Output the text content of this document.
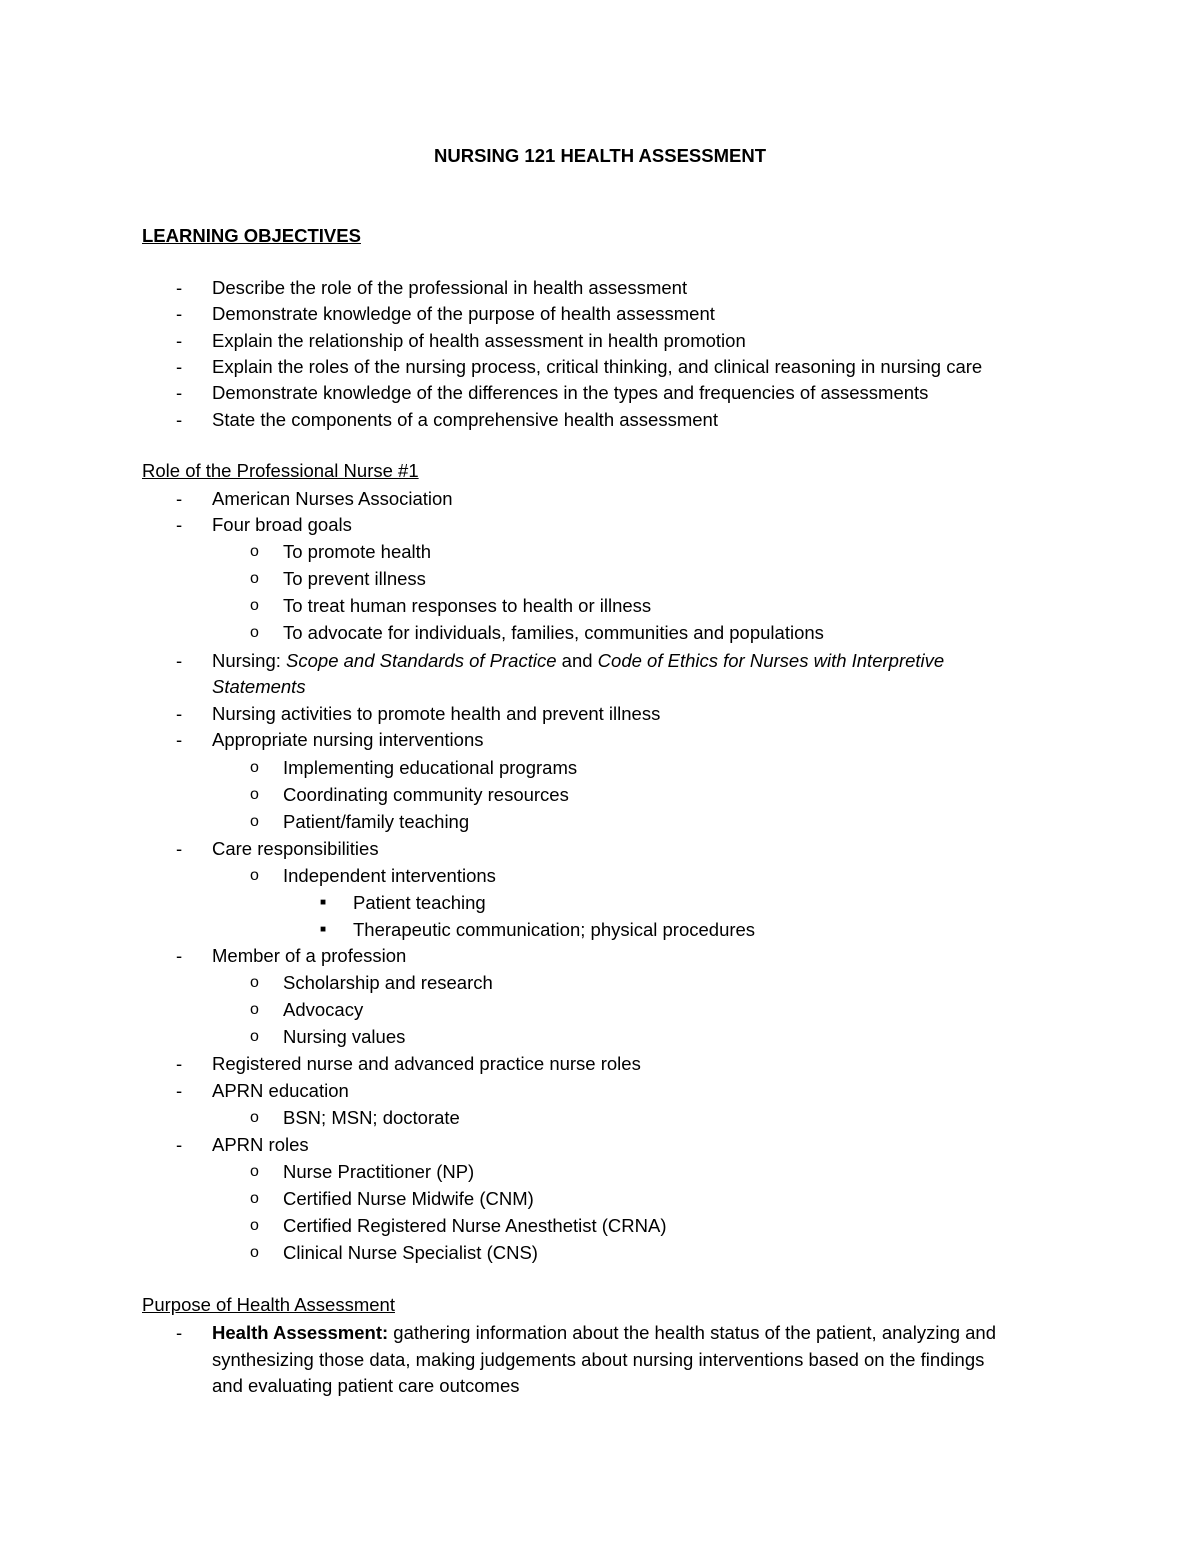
NURSING 121 HEALTH ASSESSMENT
LEARNING OBJECTIVES
- Describe the role of the professional in health assessment
- Demonstrate knowledge of the purpose of health assessment
- Explain the relationship of health assessment in health promotion
- Explain the roles of the nursing process, critical thinking, and clinical reasoning in nursing care
- Demonstrate knowledge of the differences in the types and frequencies of assessments
- State the components of a comprehensive health assessment
Role of the Professional Nurse #1
- American Nurses Association
- Four broad goals
o To promote health
o To prevent illness
o To treat human responses to health or illness
o To advocate for individuals, families, communities and populations
- Nursing: Scope and Standards of Practice and Code of Ethics for Nurses with Interpretive
Statements
- Nursing activities to promote health and prevent illness
- Appropriate nursing interventions
o Implementing educational programs
o Coordinating community resources
o Patient/family teaching
- Care responsibilities
o Independent interventions
■ Patient teaching
■ Therapeutic communication; physical procedures
- Member of a profession
o Scholarship and research
o Advocacy
o Nursing values
- Registered nurse and advanced practice nurse roles
- APRN education
o BSN; MSN; doctorate
- APRN roles
o Nurse Practitioner (NP)
o Certified Nurse Midwife (CNM)
o Certified Registered Nurse Anesthetist (CRNA)
o Clinical Nurse Specialist (CNS)
Purpose of Health Assessment
- Health Assessment: gathering information about the health status of the patient, analyzing and
synthesizing those data, making judgements about nursing interventions based on the findings
and evaluating patient care outcomes
